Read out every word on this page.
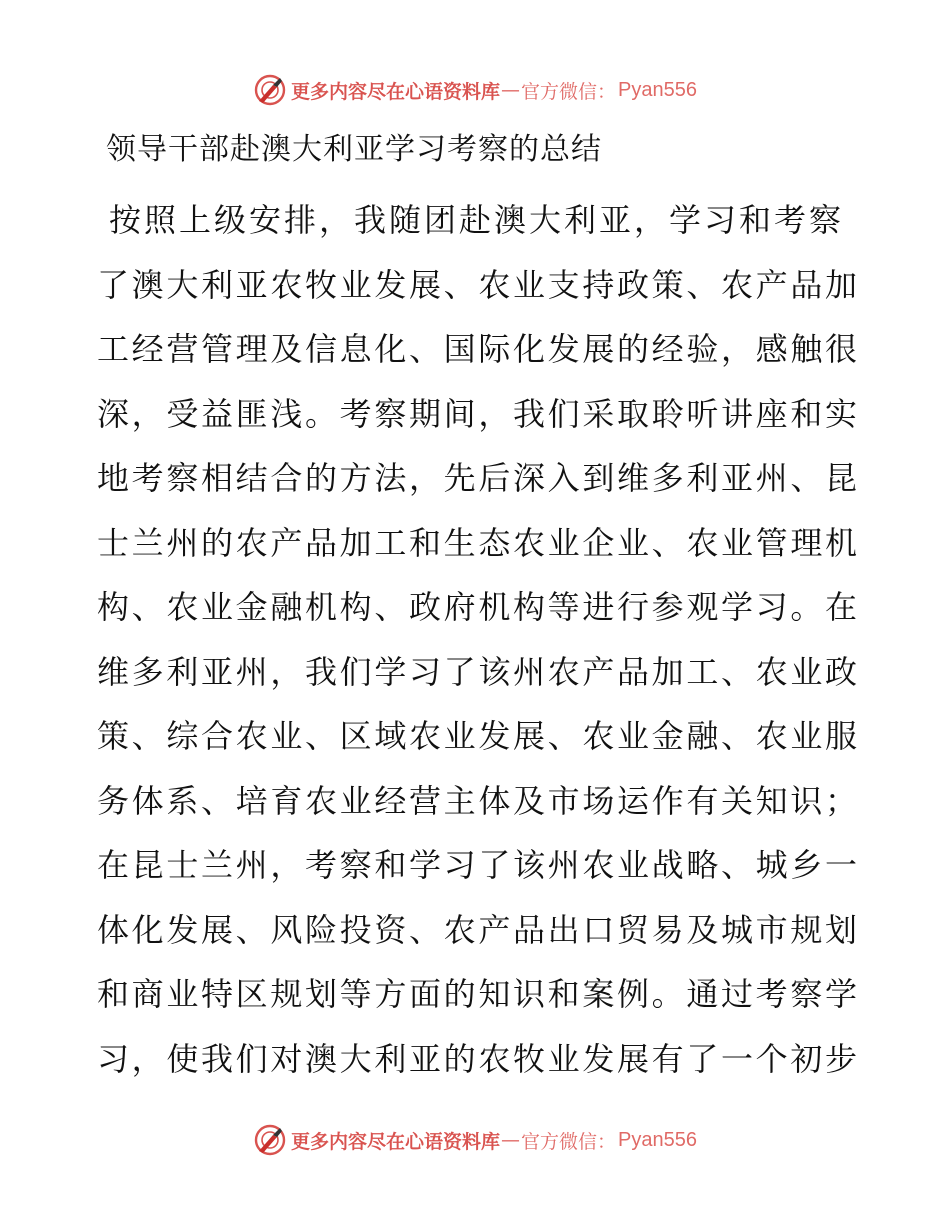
更多内容尽在心语资料库 — 官方微信： Pyan556
领导干部赴澳大利亚学习考察的总结
按照上级安排，我随团赴澳大利亚，学习和考察
了澳大利亚农牧业发展、农业支持政策、农产品加
工经营管理及信息化、国际化发展的经验，感触很
深，受益匪浅。考察期间，我们采取聆听讲座和实
地考察相结合的方法，先后深入到维多利亚州、昆
士兰州的农产品加工和生态农业企业、农业管理机
构、农业金融机构、政府机构等进行参观学习。在
维多利亚州，我们学习了该州农产品加工、农业政
策、综合农业、区域农业发展、农业金融、农业服
务体系、培育农业经营主体及市场运作有关知识；
在昆士兰州，考察和学习了该州农业战略、城乡一
体化发展、风险投资、农产品出口贸易及城市规划
和商业特区规划等方面的知识和案例。通过考察学
习，使我们对澳大利亚的农牧业发展有了一个初步
更多内容尽在心语资料库 — 官方微信： Pyan556
